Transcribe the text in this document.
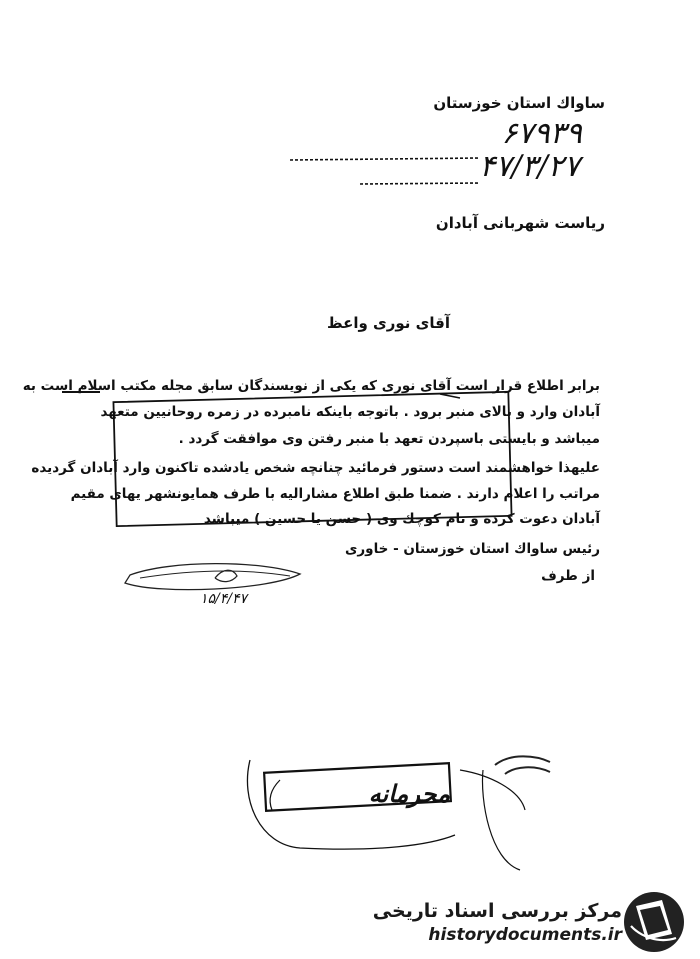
ساواك استان خوزستان
۶۷۹۳۹
۴۷/۳/۲۷
رياست شهربانی آبادان
آقای نوری واعظ
برابر اطلاع قرار است آقای نوری كه يكی از نويسندگان سابق مجله مكتب اسلام است به
آبادان وارد و بالای منبر برود . باتوجه باينكه نامبرده در زمره روحانيين متعهد
ميباشد و بايستی باسپردن تعهد با منبر رفتن وی موافقت گردد .
عليهذا خواهشمند است دستور فرمائيد چنانچه شخص يادشده تاكنون وارد آبادان گرديده
مراتب را اعلام دارند . ضمنا طبق اطلاع مشاراليه با طرف همايونشهر يهای مقيم
آبادان دعوت كرده و نام كوچك وی ( حسن يا حسين ) ميباشد
رئيس ساواك استان خوزستان - خاوری
از طرف
۱۵/۴/۴۷
محرمانه
مرکز بررسی اسناد تاریخی
historydocuments.ir
